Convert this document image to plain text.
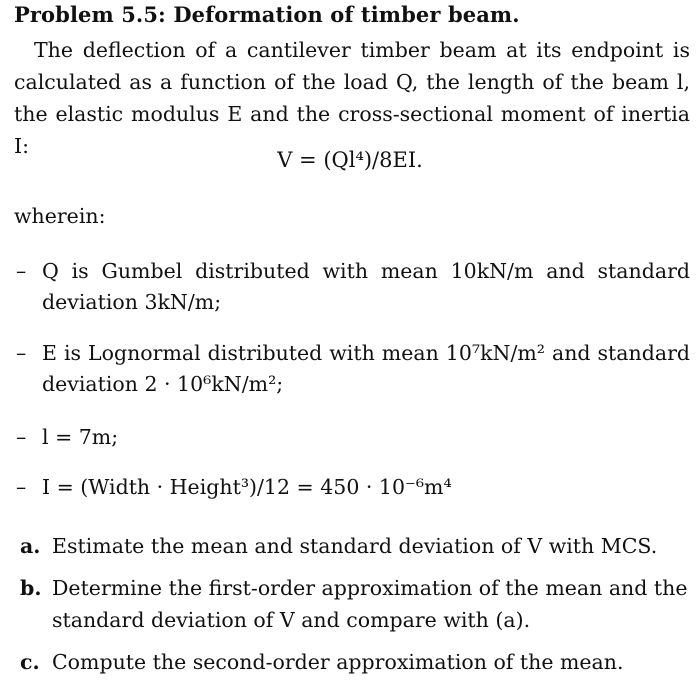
Problem 5.5: Deformation of timber beam.
The deflection of a cantilever timber beam at its endpoint is calculated as a function of the load Q, the length of the beam l, the elastic modulus E and the cross-sectional moment of inertia I:
V = (Ql⁴)/8EI.
wherein:
– Q is Gumbel distributed with mean 10kN/m and standard deviation 3kN/m;
– E is Lognormal distributed with mean 10⁷kN/m² and standard deviation 2 · 10⁶kN/m²;
– l = 7m;
– I = (Width · Height³)/12 = 450 · 10⁻⁶m⁴
a. Estimate the mean and standard deviation of V with MCS.
b. Determine the first-order approximation of the mean and the standard deviation of V and compare with (a).
c. Compute the second-order approximation of the mean.
